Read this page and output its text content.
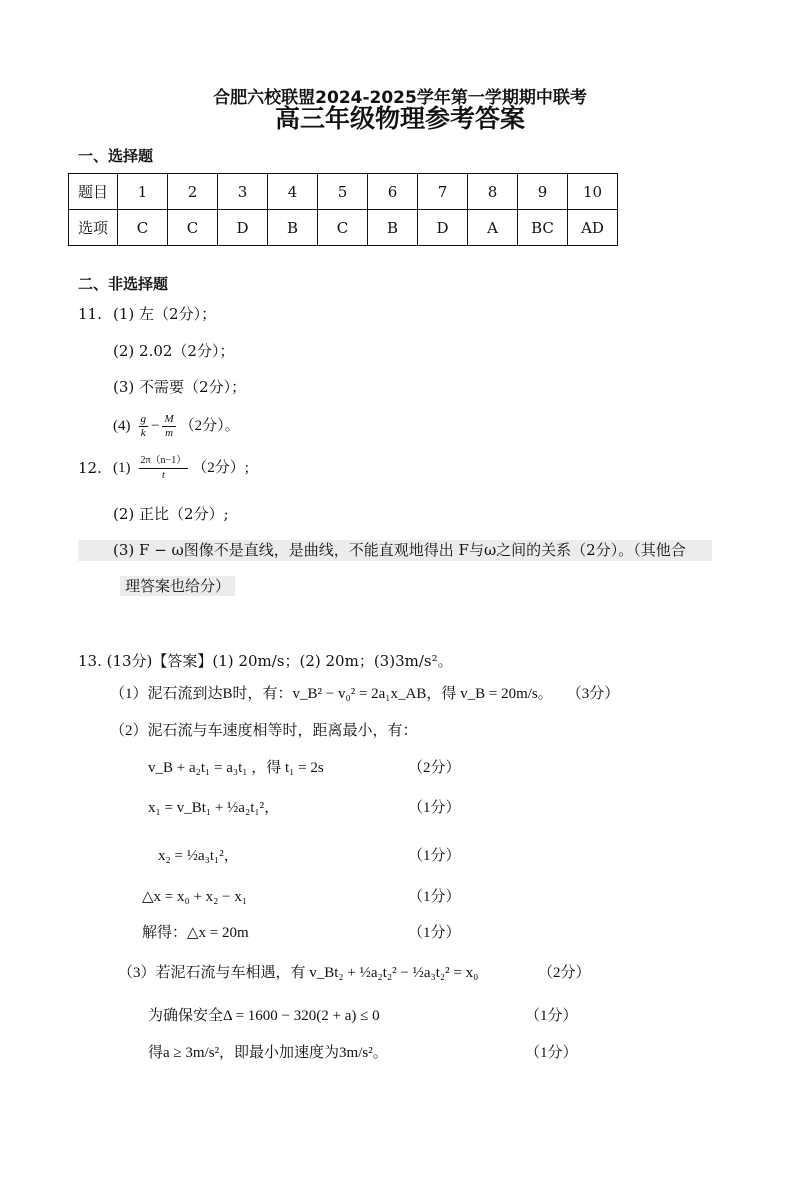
合肥六校联盟2024-2025学年第一学期期中联考
高三年级物理参考答案
一、选择题
题目	1	2	3	4	5	6	7	8	9	10
选项	C	C	D	B	C	B	D	A	BC	AD
二、非选择题
11. (1) 左（2分）；
(2) 2.02（2分）；
(3) 不需要（2分）；
$(4) \frac{g}{k} - \frac{M}{m} (2$分）。
12. $(1) \frac{2\pi(n-1)}{t} (2$分）;
(2) 正比（2分）;
(3) F − ω图像不是直线，是曲线，不能直观地得出 F与ω之间的关系（2分）。（其他合
理答案也给分）
13. (13分)【答案】(1) 20m/s；(2) 20m；(3)3m/s²。
（1）泥石流到达B时，有：v_B² − v₀² = 2a₁x_AB，得 v_B = 20m/s。 （3分）
（2）泥石流与车速度相等时，距离最小，有：
v_B + a₂t₁ = a₃t₁ ，得 t₁ = 2s	（2分）
x₁ = v_Bt₁ + ½a₂t₁²，	（1分）
x₂ = ½a₃t₁²，	（1分）
△x = x₀ + x₂ − x₁	（1分）
解得：△x = 20m	（1分）
（3）若泥石流与车相遇，有 v_Bt₂ + ½a₂t₂² − ½a₃t₂² = x₀	（2分）
为确保安全Δ = 1600 − 320(2 + a) ≤ 0	（1分）
得a ≥ 3m/s²，即最小加速度为3m/s²。	（1分）
